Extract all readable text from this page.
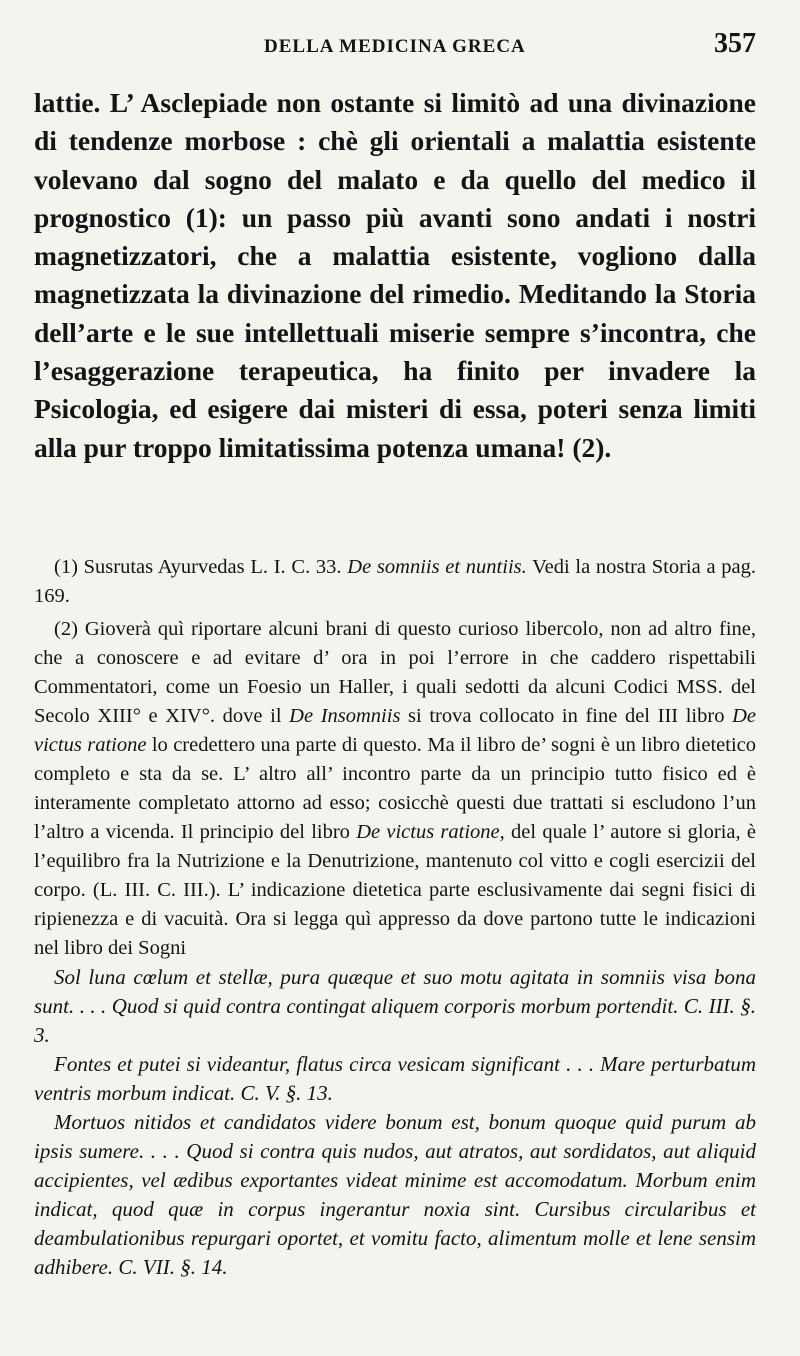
DELLA MEDICINA GRECA	357

lattie. L’ Asclepiade non ostante si limitò ad una divinazione di tendenze morbose : chè gli orientali a malattia esistente volevano dal sogno del malato e da quello del medico il prognostico (1): un passo più avanti sono andati i nostri magnetizzatori, che a malattia esistente, vogliono dalla magnetizzata la divinazione del rimedio. Meditando la Storia dell’arte e le sue intellettuali miserie sempre s’incontra, che l’esaggerazione terapeutica, ha finito per invadere la Psicologia, ed esigere dai misteri di essa, poteri senza limiti alla pur troppo limitatissima potenza umana! (2).

(1) Susrutas Ayurvedas L. I. C. 33. De somniis et nuntiis. Vedi la nostra Storia a pag. 169.

(2) Gioverà quì riportare alcuni brani di questo curioso libercolo, non ad altro fine, che a conoscere e ad evitare d’ ora in poi l’errore in che caddero rispettabili Commentatori, come un Foesio un Haller, i quali sedotti da alcuni Codici MSS. del Secolo XIII° e XIV°. dove il De Insomniis si trova collocato in fine del III libro De victus ratione lo credettero una parte di questo. Ma il libro de’ sogni è un libro dietetico completo e sta da se. L’ altro all’ incontro parte da un principio tutto fisico ed è interamente completato attorno ad esso; cosicchè questi due trattati si escludono l’un l’altro a vicenda. Il principio del libro De victus ratione, del quale l’ autore si gloria, è l’equilibro fra la Nutrizione e la Denutrizione, mantenuto col vitto e cogli esercizii del corpo. (L. III. C. III.). L’ indicazione dietetica parte esclusivamente dai segni fisici di ripienezza e di vacuità. Ora si legga quì appresso da dove partono tutte le indicazioni nel libro dei Sogni

Sol luna cœlum et stellæ, pura quæque et suo motu agitata in somniis visa bona sunt. . . . Quod si quid contra contingat aliquem corporis morbum portendit. C. III. §. 3.

Fontes et putei si videantur, flatus circa vesicam significant . . . Mare perturbatum ventris morbum indicat. C. V. §. 13.

Mortuos nitidos et candidatos videre bonum est, bonum quoque quid purum ab ipsis sumere. . . . Quod si contra quis nudos, aut atratos, aut sordidatos, aut aliquid accipientes, vel ædibus exportantes videat minime est accomodatum. Morbum enim indicat, quod quæ in corpus ingerantur noxia sint. Cursibus circularibus et deambulationibus repurgari oportet, et vomitu facto, alimentum molle et lene sensim adhibere. C. VII. §. 14.
